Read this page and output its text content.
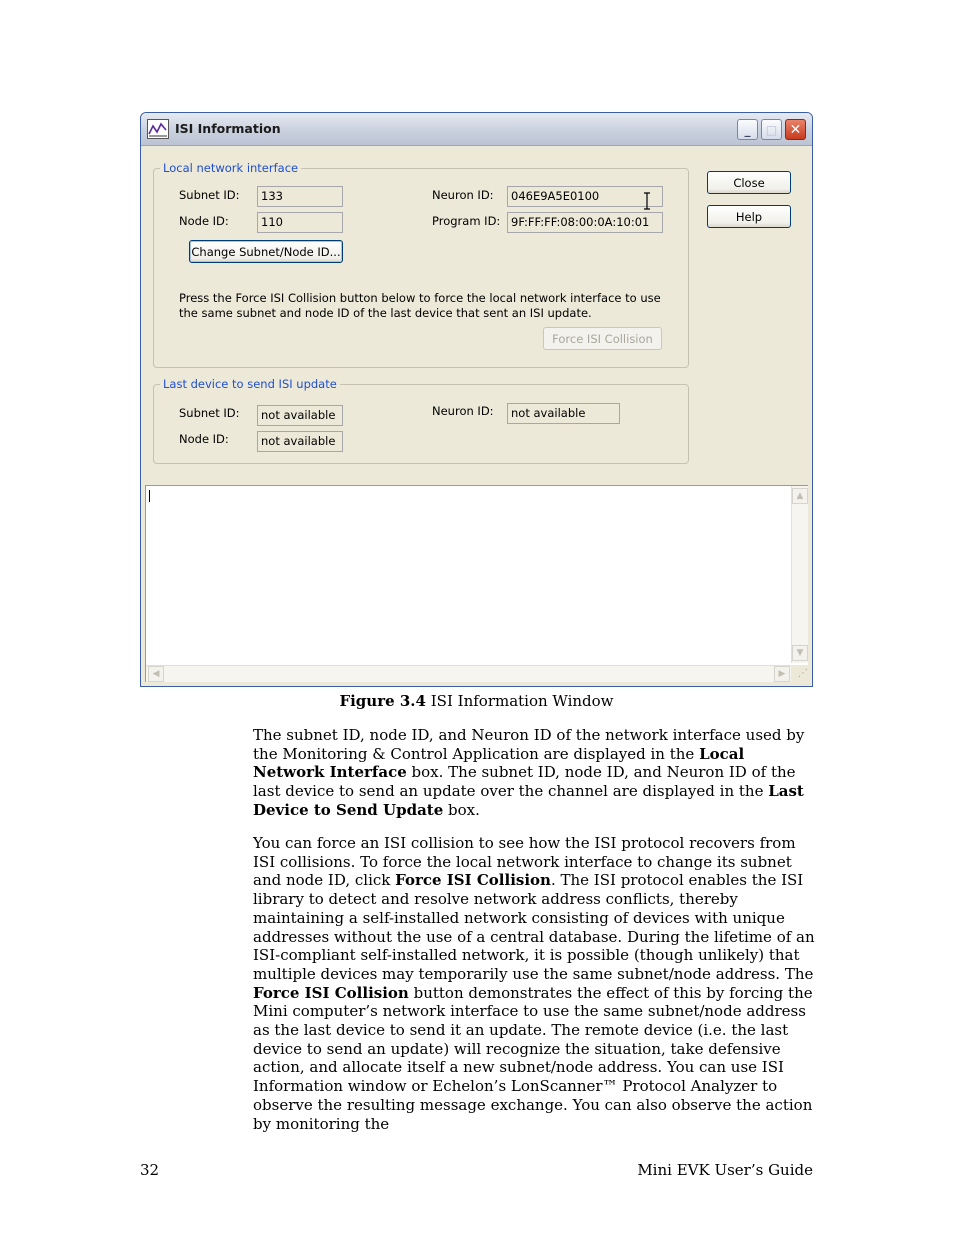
ISI Information	_	□ ✕
Local network interface
Subnet ID:	133
Node ID:	110
Neuron ID:	046E9A5E0100
Program ID: 9F:FF:FF:08:00:0A:10:01
Change Subnet/Node ID...
Press the Force ISI Collision button below to force the local network interface to use the same subnet and node ID of the last device that sent an ISI update.
Force ISI Collision
Last device to send ISI update
Subnet ID:	not available
Node ID:	not available
Neuron ID:	not available
Close
Help
▲
▼
◀	▶	⋰
Figure 3.4 ISI Information Window

The subnet ID, node ID, and Neuron ID of the network interface used by the Monitoring & Control Application are displayed in the Local Network Interface box. The subnet ID, node ID, and Neuron ID of the last device to send an update over the channel are displayed in the Last Device to Send Update box.

You can force an ISI collision to see how the ISI protocol recovers from ISI collisions. To force the local network interface to change its subnet and node ID, click Force ISI Collision. The ISI protocol enables the ISI library to detect and resolve network address conflicts, thereby maintaining a self-installed network consisting of devices with unique addresses without the use of a central database. During the lifetime of an ISI-compliant self-installed network, it is possible (though unlikely) that multiple devices may temporarily use the same subnet/node address. The Force ISI Collision button demonstrates the effect of this by forcing the Mini computer’s network interface to use the same subnet/node address as the last device to send it an update. The remote device (i.e. the last device to send an update) will recognize the situation, take defensive action, and allocate itself a new subnet/node address. You can use ISI Information window or Echelon’s LonScanner™ Protocol Analyzer to observe the resulting message exchange. You can also observe the action by monitoring the

32	Mini EVK User’s Guide
